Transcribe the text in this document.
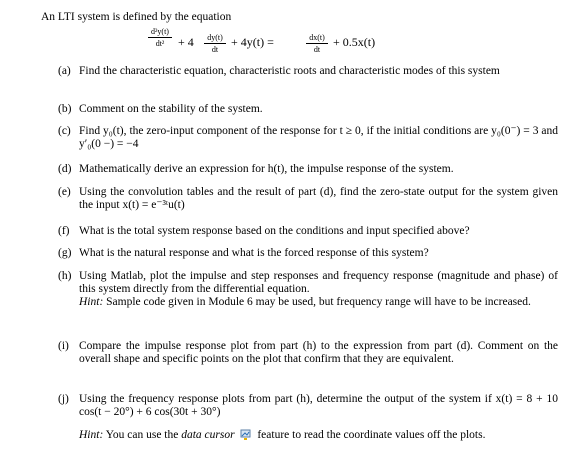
An LTI system is defined by the equation
d²y(t)
dt²	+ 4	dy(t)
dt
+ 4y(t) =	dx(t)
dt
+ 0.5x(t)
(a) Find the characteristic equation, characteristic roots and characteristic modes of this system
(b) Comment on the stability of the system.
(c) Find y₀(t), the zero-input component of the response for t ≥ 0, if the initial conditions are y₀(0⁻) = 3 and y′₀(0 −) = −4
(d) Mathematically derive an expression for h(t), the impulse response of the system.
(e) Using the convolution tables and the result of part (d), find the zero-state output for the system given the input x(t) = e⁻³ᵗu(t)
(f) What is the total system response based on the conditions and input specified above?
(g) What is the natural response and what is the forced response of this system?
(h) Using Matlab, plot the impulse and step responses and frequency response (magnitude and phase) of this system directly from the differential equation.
Hint: Sample code given in Module 6 may be used, but frequency range will have to be increased.
(i) Compare the impulse response plot from part (h) to the expression from part (d). Comment on the overall shape and specific points on the plot that confirm that they are equivalent.
(j) Using the frequency response plots from part (h), determine the output of the system if x(t) = 8 + 10 cos(t − 20°) + 6 cos(30t + 30°)
Hint: You can use the data cursor feature to read the coordinate values off the plots.
